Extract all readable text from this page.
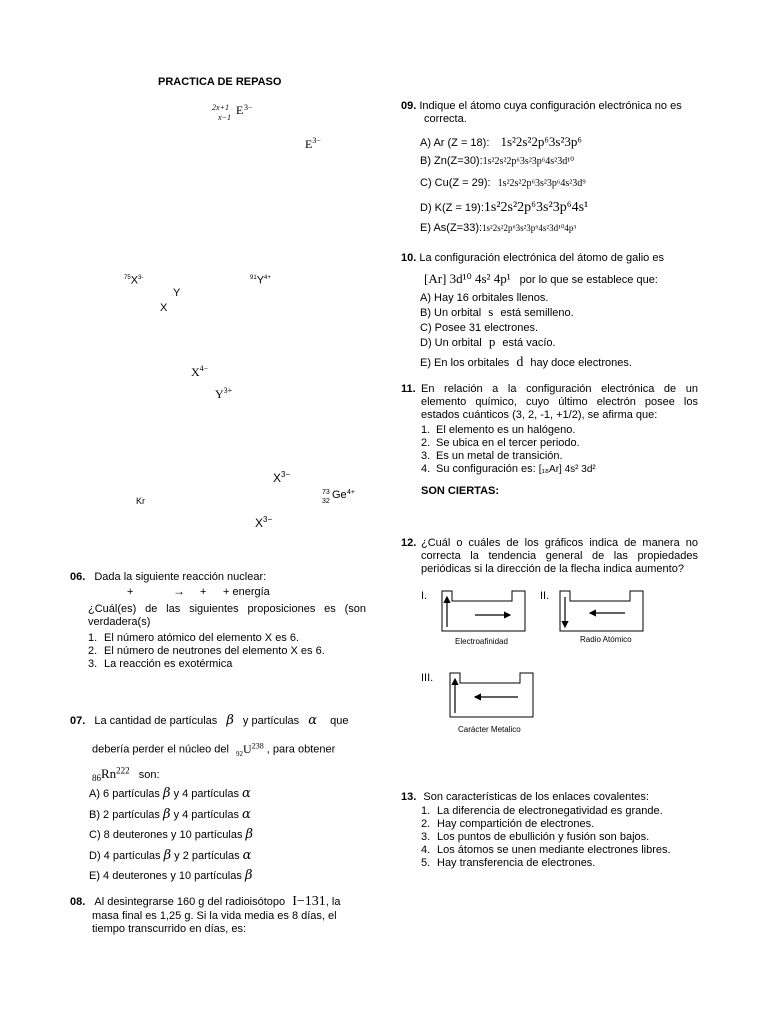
PRACTICA DE REPASO
2x+1
x−1
E 3−
$E^{3-}$
$^{75}X^{3-}$	$^{91}Y^{4+}$
Y
X
$X^{4-}$
$Y^{3+}$
$X^{3-}$
Kr
73
32
Ge 4+
$X^{3-}$
06. Dada la siguiente reacción nuclear:
+	→ + + energía
¿Cuál(es) de las siguientes proposiciones es (son verdadera(s)
1. El número atómico del elemento X es 6.
2. El número de neutrones del elemento X es 6.
3. La reacción es exotérmica
07. La cantidad de partículas β y partículas α que
debería perder el núcleo del $_{92}U^{238}$ , para obtener
$_{86}Rn^{222}$ son:
A) 6 partículas β y 4 partículas α
B) 2 partículas β y 4 partículas α
C) 8 deuterones y 10 partículas β
D) 4 partículas β y 2 partículas α
E) 4 deuterones y 10 partículas β
08. Al desintegrarse 160 g del radioisótopo I−131, la
masa final es 1,25 g. Si la vida media es 8 días, el
tiempo transcurrido en días, es:
09. Indique el átomo cuya configuración electrónica no es
correcta.
A) Ar (Z = 18): 1s²2s²2p⁶3s²3p⁶
B) Zn(Z=30):1s²2s²2p⁶3s²3p⁶4s²3d¹⁰
C) Cu(Z = 29): 1s²2s²2p⁶3s²3p⁶4s²3d⁹
D) K(Z = 19):1s²2s²2p⁶3s²3p⁶4s¹
E) As(Z=33):1s²2s²2p⁶3s²3p⁶4s²3d¹⁰4p³
10. La configuración electrónica del átomo de galio es
[Ar] 3d¹⁰ 4s² 4p¹ por lo que se establece que:
A) Hay 16 orbitales llenos.
B) Un orbital s está semilleno.
C) Posee 31 electrones.
D) Un orbital p está vacío.
E) En los orbitales d hay doce electrones.
11. En relación a la configuración electrónica de un elemento químico, cuyo último electrón posee los estados cuánticos (3, 2, -1, +1/2), se afirma que:
1. El elemento es un halógeno.
2. Se ubica en el tercer periodo.
3. Es un metal de transición.
4. Su configuración es: [₁₈Ar] 4s² 3d²
SON CIERTAS:
12. ¿Cuál o cuáles de los gráficos indica de manera no correcta la tendencia general de las propiedades periódicas si la dirección de la flecha indica aumento?
I.	II.
III.
Electroafinidad	Radio Atómico
Carácter Metalico
13. Son características de los enlaces covalentes:
1. La diferencia de electronegatividad es grande.
2. Hay compartición de electrones.
3. Los puntos de ebullición y fusión son bajos.
4. Los átomos se unen mediante electrones libres.
5. Hay transferencia de electrones.
